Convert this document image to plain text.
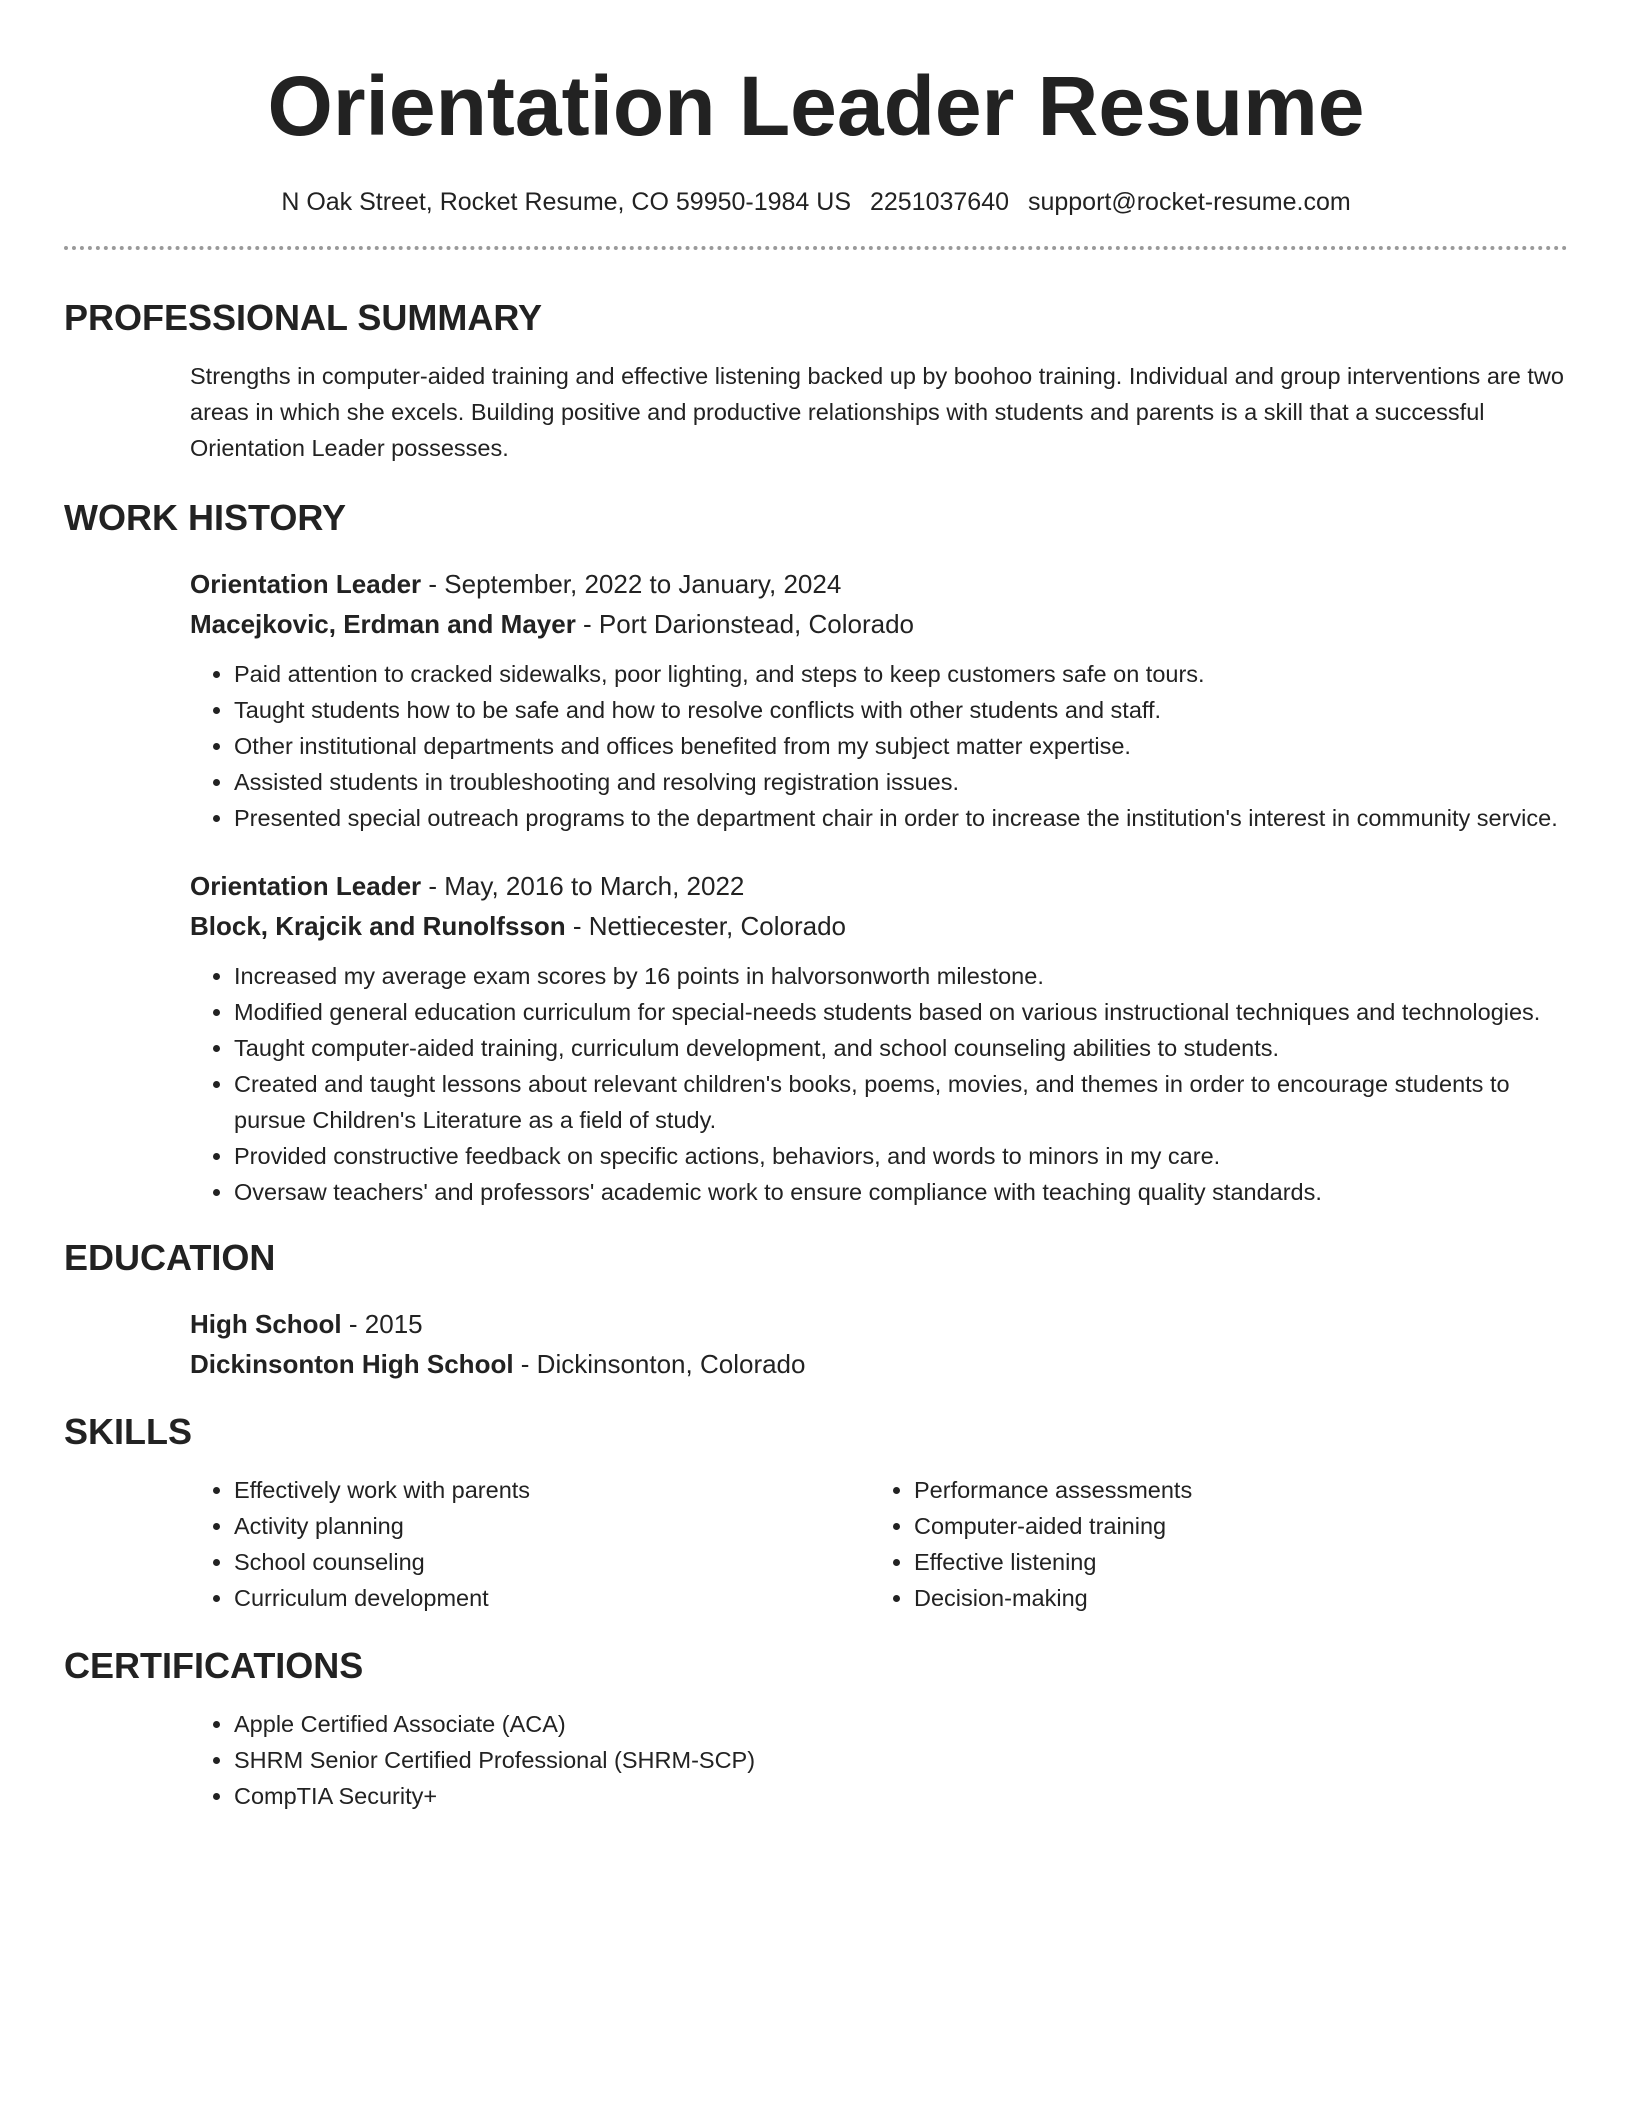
Orientation Leader Resume
N Oak Street, Rocket Resume, CO 59950-1984 US 2251037640 support@rocket-resume.com
PROFESSIONAL SUMMARY

Strengths in computer-aided training and effective listening backed up by boohoo training. Individual and group interventions are two areas in which she excels. Building positive and productive relationships with students and parents is a skill that a successful Orientation Leader possesses.

WORK HISTORY

Orientation Leader - September, 2022 to January, 2024

Macejkovic, Erdman and Mayer - Port Darionstead, Colorado

• Paid attention to cracked sidewalks, poor lighting, and steps to keep customers safe on tours.
• Taught students how to be safe and how to resolve conflicts with other students and staff.
• Other institutional departments and offices benefited from my subject matter expertise.
• Assisted students in troubleshooting and resolving registration issues.
• Presented special outreach programs to the department chair in order to increase the institution's interest in community service.

Orientation Leader - May, 2016 to March, 2022

Block, Krajcik and Runolfsson - Nettiecester, Colorado

• Increased my average exam scores by 16 points in halvorsonworth milestone.
• Modified general education curriculum for special-needs students based on various instructional techniques and technologies.
• Taught computer-aided training, curriculum development, and school counseling abilities to students.
• Created and taught lessons about relevant children's books, poems, movies, and themes in order to encourage students to pursue Children's Literature as a field of study.
• Provided constructive feedback on specific actions, behaviors, and words to minors in my care.
• Oversaw teachers' and professors' academic work to ensure compliance with teaching quality standards.
EDUCATION

High School - 2015

Dickinsonton High School - Dickinsonton, Colorado

SKILLS
• Effectively work with parents
• Activity planning
• School counseling
• Curriculum development
• Performance assessments
• Computer-aided training
• Effective listening
• Decision-making
CERTIFICATIONS
• Apple Certified Associate (ACA)
• SHRM Senior Certified Professional (SHRM-SCP)
• CompTIA Security+
